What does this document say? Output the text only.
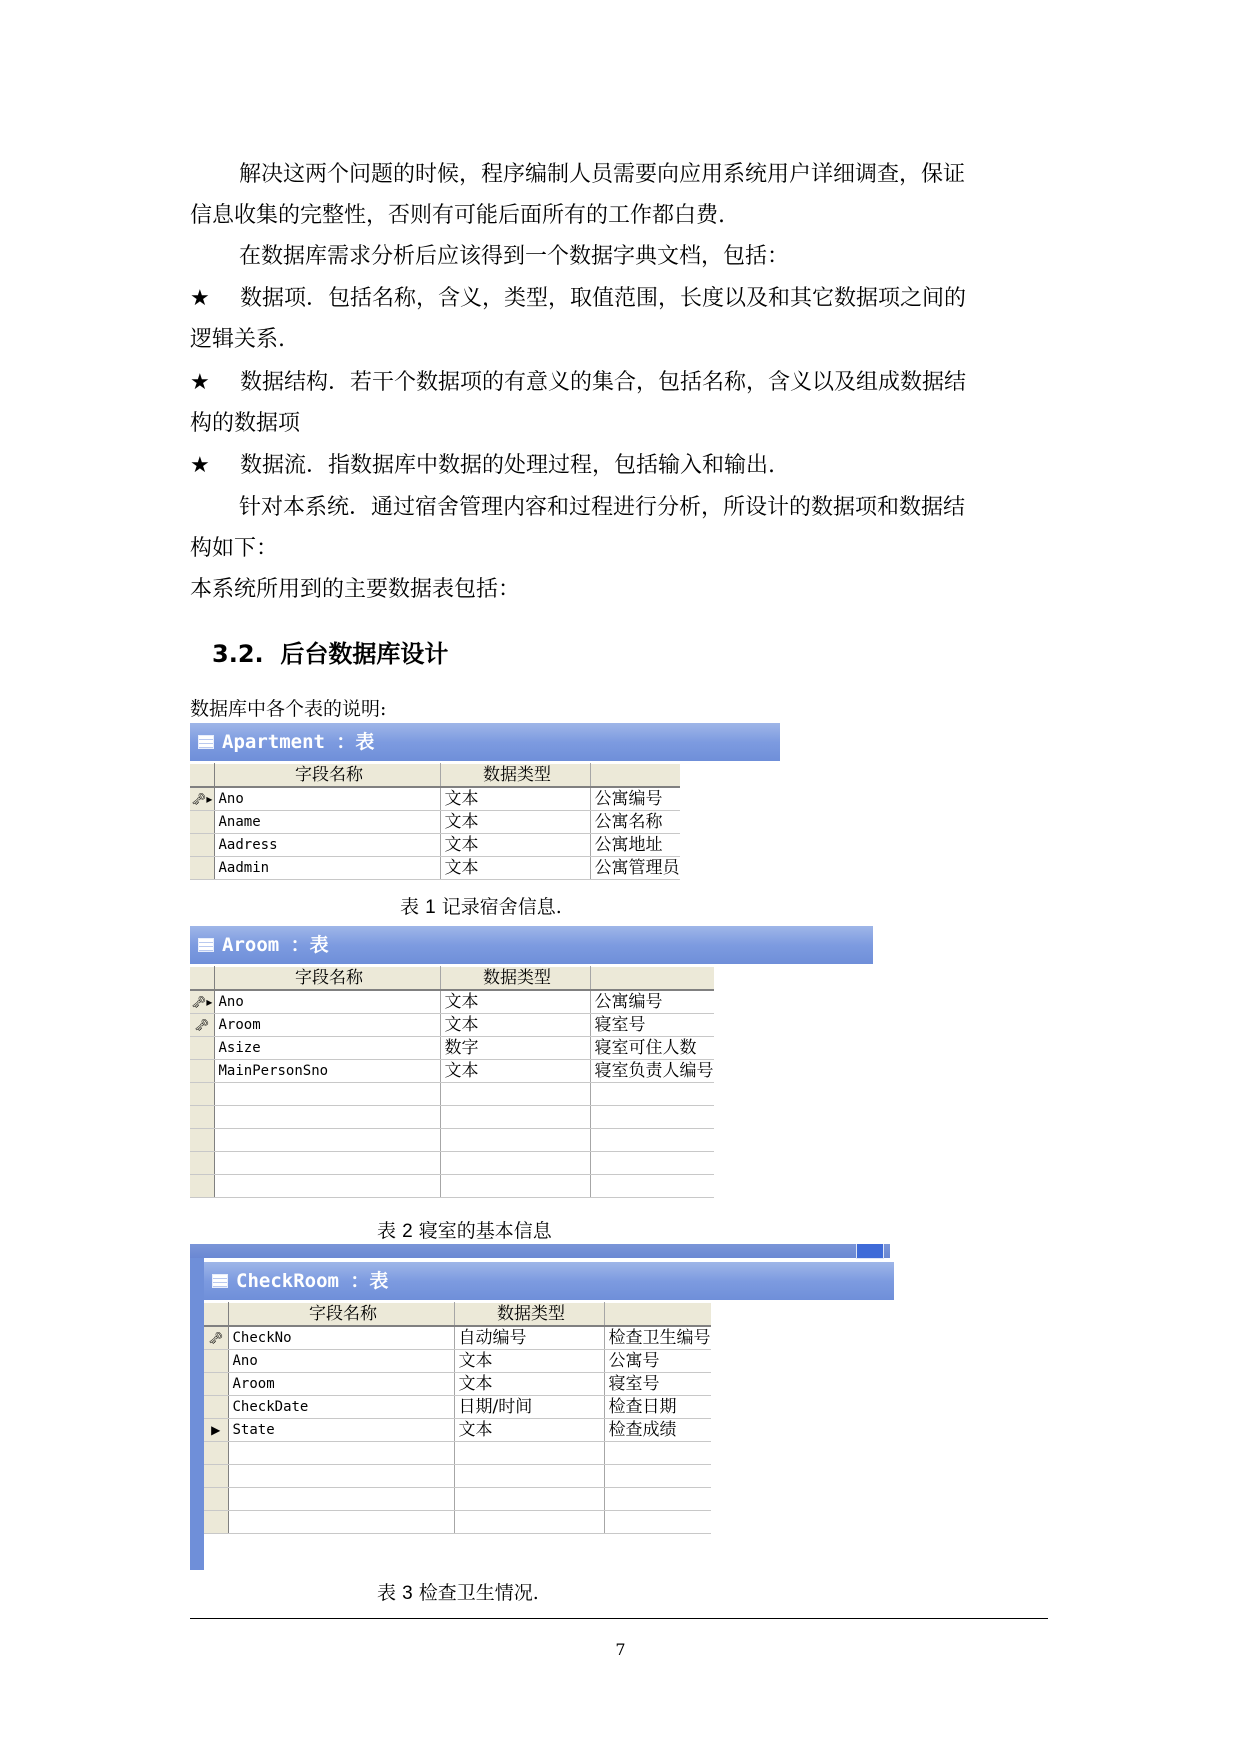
解决这两个问题的时候，程序编制人员需要向应用系统用户详细调查，保证

信息收集的完整性，否则有可能后面所有的工作都白费.

在数据库需求分析后应该得到一个数据字典文档，包括：

★ 数据项．包括名称，含义，类型，取值范围，长度以及和其它数据项之间的

逻辑关系.

★ 数据结构．若干个数据项的有意义的集合，包括名称，含义以及组成数据结

构的数据项

★ 数据流．指数据库中数据的处理过程，包括输入和输出.

针对本系统．通过宿舍管理内容和过程进行分析，所设计的数据项和数据结

构如下：

本系统所用到的主要数据表包括：

3.2. 后台数据库设计

数据库中各个表的说明:

Apartment ：表
	字段名称	数据类型	
🗝▸	Ano	文本	公寓编号
	Aname	文本	公寓名称
	Aadress	文本	公寓地址
	Aadmin	文本	公寓管理员

表 1 记录宿舍信息.

Aroom ：表
	字段名称	数据类型	
🗝▸	Ano	文本	公寓编号
🗝	Aroom	文本	寝室号
	Asize	数字	寝室可住人数
	MainPersonSno	文本	寝室负责人编号

表 2 寝室的基本信息

CheckRoom ：表
	字段名称	数据类型	
🗝	CheckNo	自动编号	检查卫生编号
	Ano	文本	公寓号
	Aroom	文本	寝室号
	CheckDate	日期/时间	检查日期
▶	State	文本	检查成绩

表 3 检查卫生情况.

7
